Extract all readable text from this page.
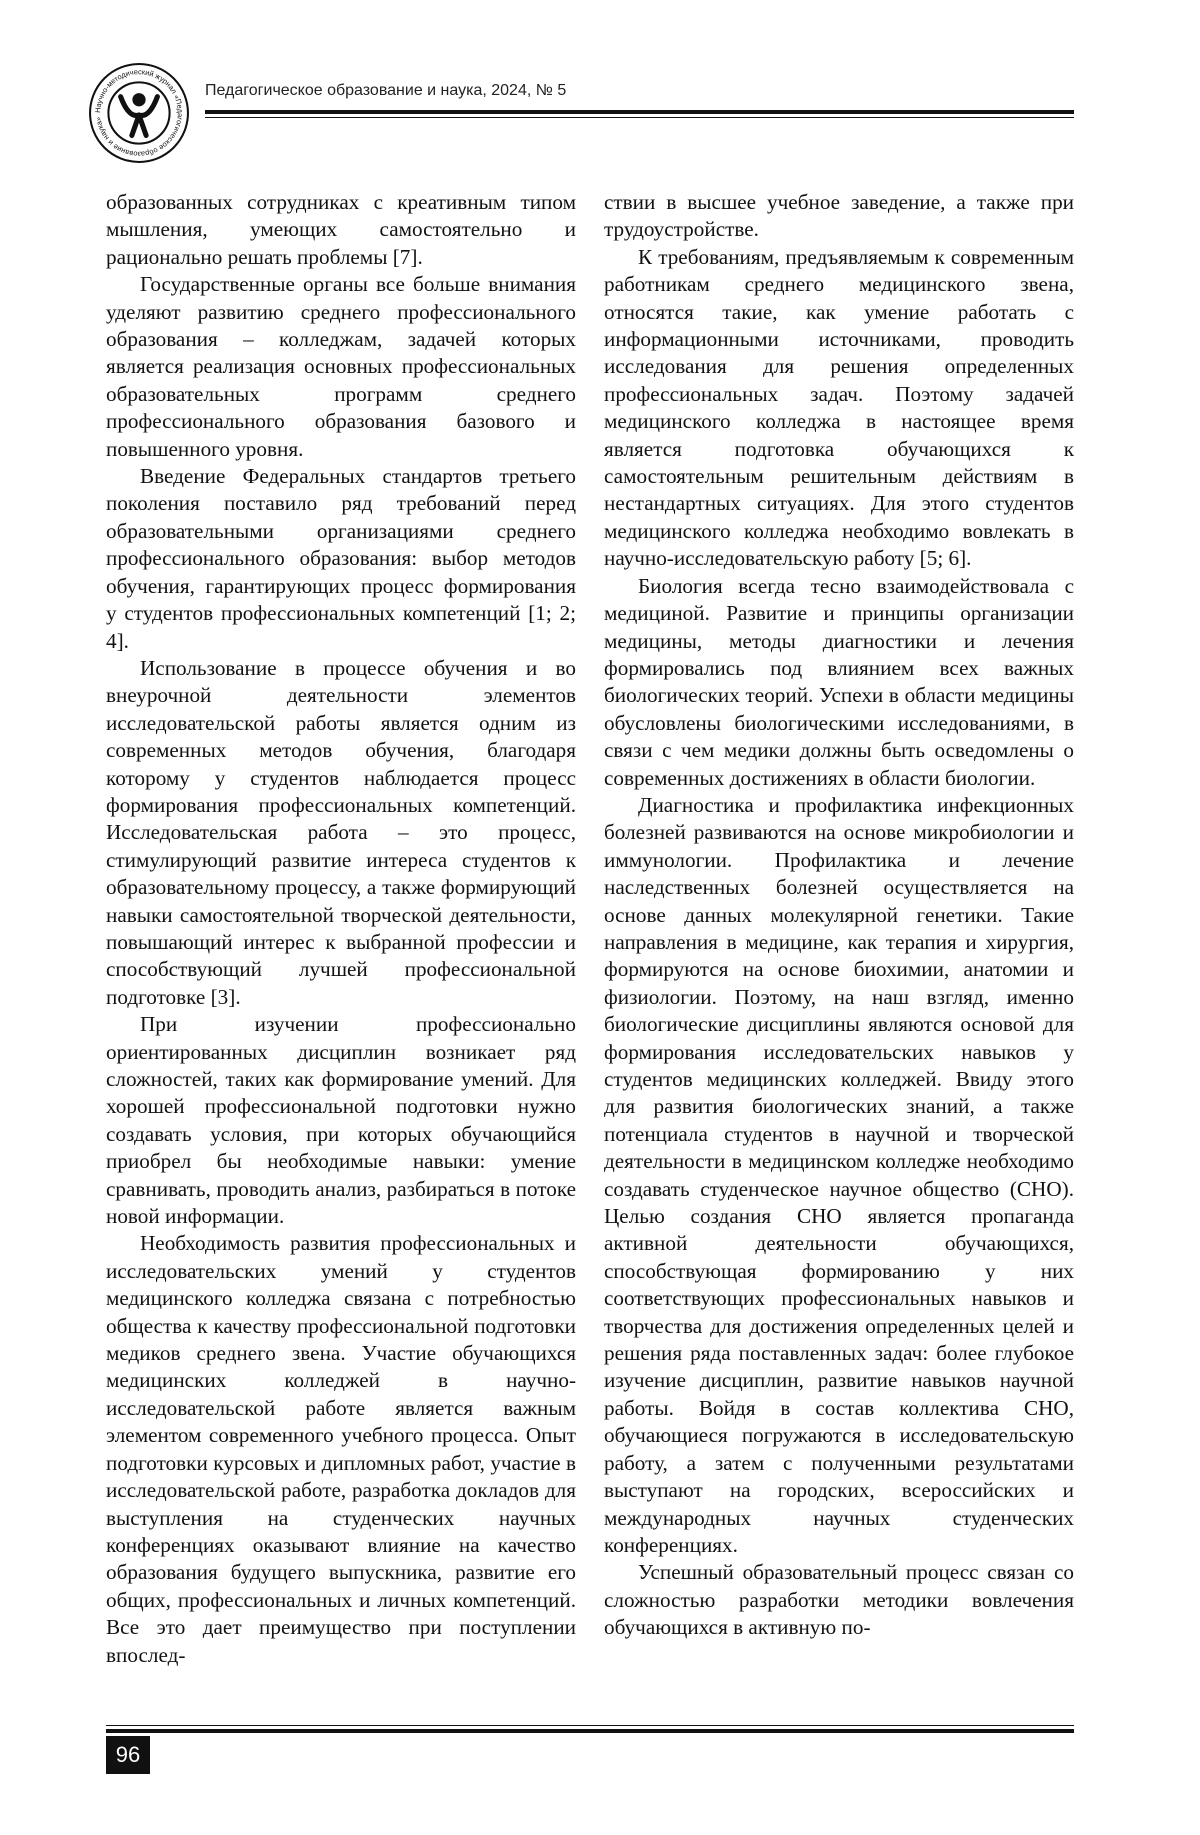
Научно-методический журнал «Педагогическое образование и наука»
Педагогическое образование и наука, 2024, № 5

образованных сотрудниках с креативным типом мышления, умеющих самостоятельно и рационально решать проблемы [7].

Государственные органы все больше внимания уделяют развитию среднего профессионального образования – колледжам, задачей которых является реализация основных профессиональных образовательных программ среднего профессионального образования базового и повышенного уровня.

Введение Федеральных стандартов третьего поколения поставило ряд требований перед образовательными организациями среднего профессионального образования: выбор методов обучения, гарантирующих процесс формирования у студентов профессиональных компетенций [1; 2; 4].

Использование в процессе обучения и во внеурочной деятельности элементов исследовательской работы является одним из современных методов обучения, благодаря которому у студентов наблюдается процесс формирования профессиональных компетенций. Исследовательская работа – это процесс, стимулирующий развитие интереса студентов к образовательному процессу, а также формирующий навыки самостоятельной творческой деятельности, повышающий интерес к выбранной профессии и способствующий лучшей профессиональной подготовке [3].

При изучении профессионально ориентированных дисциплин возникает ряд сложностей, таких как формирование умений. Для хорошей профессиональной подготовки нужно создавать условия, при которых обучающийся приобрел бы необходимые навыки: умение сравнивать, проводить анализ, разбираться в потоке новой информации.

Необходимость развития профессиональных и исследовательских умений у студентов медицинского колледжа связана с потребностью общества к качеству профессиональной подготовки медиков среднего звена. Участие обучающихся медицинских колледжей в научно-исследовательской работе является важным элементом современного учебного процесса. Опыт подготовки курсовых и дипломных работ, участие в исследовательской работе, разработка докладов для выступления на студенческих научных конференциях оказывают влияние на качество образования будущего выпускника, развитие его общих, профессиональных и личных компетенций. Все это дает преимущество при поступлении впослед-

ствии в высшее учебное заведение, а также при трудоустройстве.

К требованиям, предъявляемым к современным работникам среднего медицинского звена, относятся такие, как умение работать с информационными источниками, проводить исследования для решения определенных профессиональных задач. Поэтому задачей медицинского колледжа в настоящее время является подготовка обучающихся к самостоятельным решительным действиям в нестандартных ситуациях. Для этого студентов медицинского колледжа необходимо вовлекать в научно-исследовательскую работу [5; 6].

Биология всегда тесно взаимодействовала с медициной. Развитие и принципы организации медицины, методы диагностики и лечения формировались под влиянием всех важных биологических теорий. Успехи в области медицины обусловлены биологическими исследованиями, в связи с чем медики должны быть осведомлены о современных достижениях в области биологии.

Диагностика и профилактика инфекционных болезней развиваются на основе микробиологии и иммунологии. Профилактика и лечение наследственных болезней осуществляется на основе данных молекулярной генетики. Такие направления в медицине, как терапия и хирургия, формируются на основе биохимии, анатомии и физиологии. Поэтому, на наш взгляд, именно биологические дисциплины являются основой для формирования исследовательских навыков у студентов медицинских колледжей. Ввиду этого для развития биологических знаний, а также потенциала студентов в научной и творческой деятельности в медицинском колледже необходимо создавать студенческое научное общество (СНО). Целью создания СНО является пропаганда активной деятельности обучающихся, способствующая формированию у них соответствующих профессиональных навыков и творчества для достижения определенных целей и решения ряда поставленных задач: более глубокое изучение дисциплин, развитие навыков научной работы. Войдя в состав коллектива СНО, обучающиеся погружаются в исследовательскую работу, а затем с полученными результатами выступают на городских, всероссийских и международных научных студенческих конференциях.

Успешный образовательный процесс связан со сложностью разработки методики вовлечения обучающихся в активную по-

96
